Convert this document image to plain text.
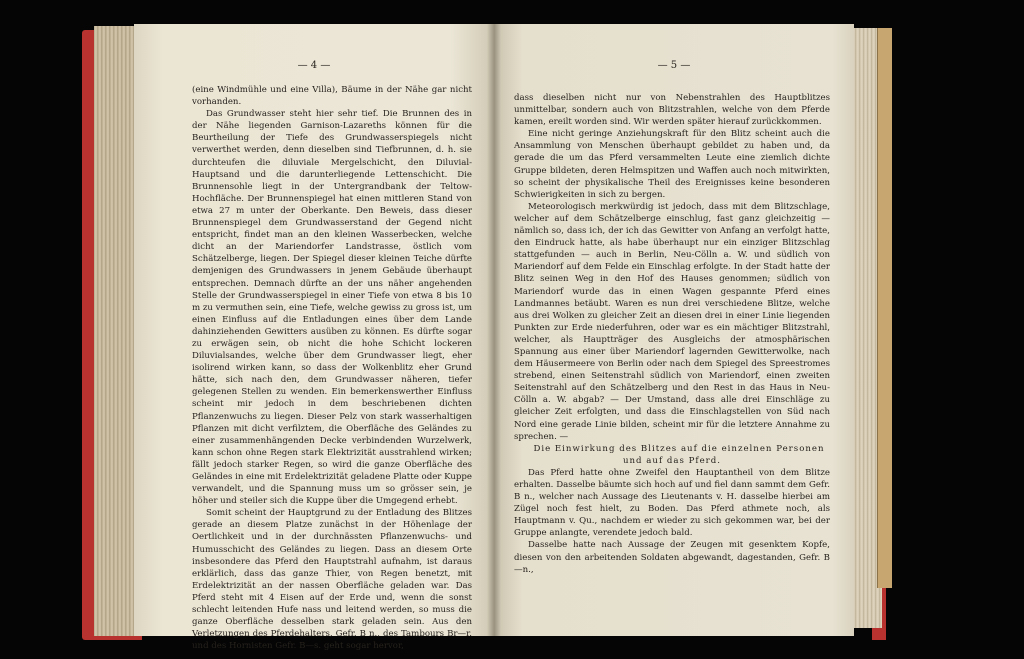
— 4 —

(eine Windmühle und eine Villa), Bäume in der Nähe gar nicht vorhanden.

Das Grundwasser steht hier sehr tief. Die Brunnen des in der Nähe liegenden Garnison-Lazareths können für die Beurtheilung der Tiefe des Grundwasserspiegels nicht verwerthet werden, denn dieselben sind Tiefbrunnen, d. h. sie durchteufen die diluviale Mergelschicht, den Diluvial-Hauptsand und die darunterliegende Lettenschicht. Die Brunnensohle liegt in der Untergrandbank der Teltow-Hochfläche. Der Brunnenspiegel hat einen mittleren Stand von etwa 27 m unter der Oberkante. Den Beweis, dass dieser Brunnenspiegel dem Grundwasserstand der Gegend nicht entspricht, findet man an den kleinen Wasserbecken, welche dicht an der Mariendorfer Landstrasse, östlich vom Schätzelberge, liegen. Der Spiegel dieser kleinen Teiche dürfte demjenigen des Grundwassers in jenem Gebäude überhaupt entsprechen. Demnach dürfte an der uns näher angehenden Stelle der Grundwasserspiegel in einer Tiefe von etwa 8 bis 10 m zu vermuthen sein, eine Tiefe, welche gewiss zu gross ist, um einen Einfluss auf die Entladungen eines über dem Lande dahinziehenden Gewitters ausüben zu können. Es dürfte sogar zu erwägen sein, ob nicht die hohe Schicht lockeren Diluvialsandes, welche über dem Grundwasser liegt, eher isolirend wirken kann, so dass der Wolkenblitz eher Grund hätte, sich nach den, dem Grundwasser näheren, tiefer gelegenen Stellen zu wenden. Ein bemerkenswerther Einfluss scheint mir jedoch in dem beschriebenen dichten Pflanzenwuchs zu liegen. Dieser Pelz von stark wasserhaltigen Pflanzen mit dicht verfilztem, die Oberfläche des Geländes zu einer zusammenhängenden Decke verbindenden Wurzelwerk, kann schon ohne Regen stark Elektrizität ausstrahlend wirken; fällt jedoch starker Regen, so wird die ganze Oberfläche des Geländes in eine mit Erdelektrizität geladene Platte oder Kuppe verwandelt, und die Spannung muss um so grösser sein, je höher und steiler sich die Kuppe über die Umgegend erhebt.

Somit scheint der Hauptgrund zu der Entladung des Blitzes gerade an diesem Platze zunächst in der Höhenlage der Oertlichkeit und in der durchnässten Pflanzenwuchs- und Humusschicht des Geländes zu liegen. Dass an diesem Orte insbesondere das Pferd den Hauptstrahl aufnahm, ist daraus erklärlich, dass das ganze Thier, von Regen benetzt, mit Erdelektrizität an der nassen Oberfläche geladen war. Das Pferd steht mit 4 Eisen auf der Erde und, wenn die sonst schlecht leitenden Hufe nass und leitend werden, so muss die ganze Oberfläche desselben stark geladen sein. Aus den Verletzungen des Pferdehalters, Gefr. B n., des Tambours Br—r. und des Hornisten Gefr. B—s. geht sogar hervor,

— 5 —

dass dieselben nicht nur von Nebenstrahlen des Hauptblitzes unmittelbar, sondern auch von Blitzstrahlen, welche von dem Pferde kamen, ereilt worden sind. Wir werden später hierauf zurückkommen.

Eine nicht geringe Anziehungskraft für den Blitz scheint auch die Ansammlung von Menschen überhaupt gebildet zu haben und, da gerade die um das Pferd versammelten Leute eine ziemlich dichte Gruppe bildeten, deren Helmspitzen und Waffen auch noch mitwirkten, so scheint der physikalische Theil des Ereignisses keine besonderen Schwierigkeiten in sich zu bergen.

Meteorologisch merkwürdig ist jedoch, dass mit dem Blitzschlage, welcher auf dem Schätzelberge einschlug, fast ganz gleichzeitig — nämlich so, dass ich, der ich das Gewitter von Anfang an verfolgt hatte, den Eindruck hatte, als habe überhaupt nur ein einziger Blitzschlag stattgefunden — auch in Berlin, Neu-Cölln a. W. und südlich von Mariendorf auf dem Felde ein Einschlag erfolgte. In der Stadt hatte der Blitz seinen Weg in den Hof des Hauses genommen; südlich von Mariendorf wurde das in einen Wagen gespannte Pferd eines Landmannes betäubt. Waren es nun drei verschiedene Blitze, welche aus drei Wolken zu gleicher Zeit an diesen drei in einer Linie liegenden Punkten zur Erde niederfuhren, oder war es ein mächtiger Blitzstrahl, welcher, als Hauptträger des Ausgleichs der atmosphärischen Spannung aus einer über Mariendorf lagernden Gewitterwolke, nach dem Häusermeere von Berlin oder nach dem Spiegel des Spreestromes strebend, einen Seitenstrahl südlich von Mariendorf, einen zweiten Seitenstrahl auf den Schätzelberg und den Rest in das Haus in Neu-Cölln a. W. abgab? — Der Umstand, dass alle drei Einschläge zu gleicher Zeit erfolgten, und dass die Einschlagstellen von Süd nach Nord eine gerade Linie bilden, scheint mir für die letztere Annahme zu sprechen. —

Die Einwirkung des Blitzes auf die einzelnen Personen und auf das Pferd.

Das Pferd hatte ohne Zweifel den Hauptantheil von dem Blitze erhalten. Dasselbe bäumte sich hoch auf und fiel dann sammt dem Gefr. B n., welcher nach Aussage des Lieutenants v. H. dasselbe hierbei am Zügel noch fest hielt, zu Boden. Das Pferd athmete noch, als Hauptmann v. Qu., nachdem er wieder zu sich gekommen war, bei der Gruppe anlangte, verendete jedoch bald.

Dasselbe hatte nach Aussage der Zeugen mit gesenktem Kopfe, diesen von den arbeitenden Soldaten abgewandt, dagestanden, Gefr. B—n.,
